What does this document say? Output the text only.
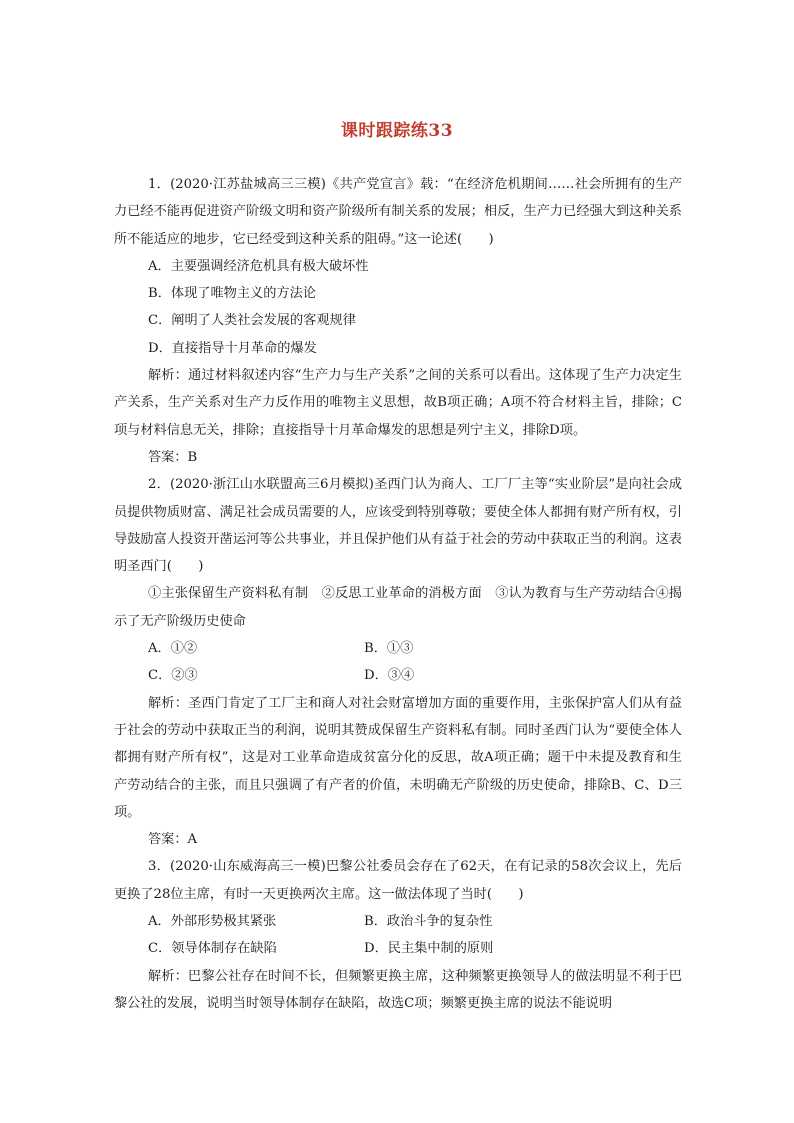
课时跟踪练33

1．(2020·江苏盐城高三三模)《共产党宣言》载：“在经济危机期间……社会所拥有的生产力已经不能再促进资产阶级文明和资产阶级所有制关系的发展；相反，生产力已经强大到这种关系所不能适应的地步，它已经受到这种关系的阻碍。”这一论述(　　)

A．主要强调经济危机具有极大破坏性

B．体现了唯物主义的方法论

C．阐明了人类社会发展的客观规律

D．直接指导十月革命的爆发

解析：通过材料叙述内容“生产力与生产关系”之间的关系可以看出。这体现了生产力决定生产关系，生产关系对生产力反作用的唯物主义思想，故B项正确；A项不符合材料主旨，排除；C项与材料信息无关，排除；直接指导十月革命爆发的思想是列宁主义，排除D项。

答案：B

2．(2020·浙江山水联盟高三6月模拟)圣西门认为商人、工厂厂主等“实业阶层”是向社会成员提供物质财富、满足社会成员需要的人，应该受到特别尊敬；要使全体人都拥有财产所有权，引导鼓励富人投资开凿运河等公共事业，并且保护他们从有益于社会的劳动中获取正当的利润。这表明圣西门(　　)

①主张保留生产资料私有制　②反思工业革命的消极方面　③认为教育与生产劳动结合④揭示了无产阶级历史使命

A．①②	B．①③
C．②③	D．③④

解析：圣西门肯定了工厂主和商人对社会财富增加方面的重要作用，主张保护富人们从有益于社会的劳动中获取正当的利润，说明其赞成保留生产资料私有制。同时圣西门认为“要使全体人都拥有财产所有权”，这是对工业革命造成贫富分化的反思，故A项正确；题干中未提及教育和生产劳动结合的主张，而且只强调了有产者的价值，未明确无产阶级的历史使命，排除B、C、D三项。

答案：A

3．(2020·山东威海高三一模)巴黎公社委员会存在了62天，在有记录的58次会议上，先后更换了28位主席，有时一天更换两次主席。这一做法体现了当时(　　)

A．外部形势极其紧张	B．政治斗争的复杂性
C．领导体制存在缺陷	D．民主集中制的原则

解析：巴黎公社存在时间不长，但频繁更换主席，这种频繁更换领导人的做法明显不利于巴黎公社的发展，说明当时领导体制存在缺陷，故选C项；频繁更换主席的说法不能说明
